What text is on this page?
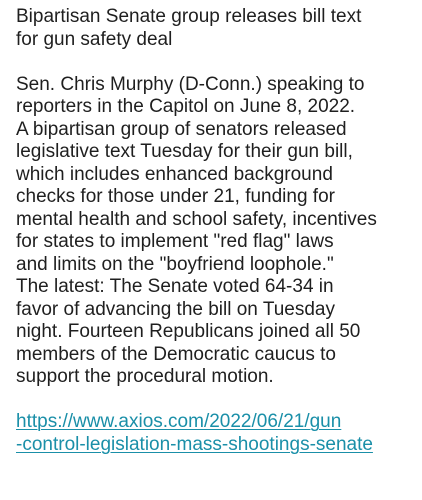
Bipartisan Senate group releases bill text
for gun safety deal

Sen. Chris Murphy (D-Conn.) speaking to
reporters in the Capitol on June 8, 2022.
A bipartisan group of senators released
legislative text Tuesday for their gun bill,
which includes enhanced background
checks for those under 21, funding for
mental health and school safety, incentives
for states to implement "red flag" laws
and limits on the "boyfriend loophole."
The latest: The Senate voted 64-34 in
favor of advancing the bill on Tuesday
night. Fourteen Republicans joined all 50
members of the Democratic caucus to
support the procedural motion.

https://www.axios.com/2022/06/21/gun
-control-legislation-mass-shootings-senate
